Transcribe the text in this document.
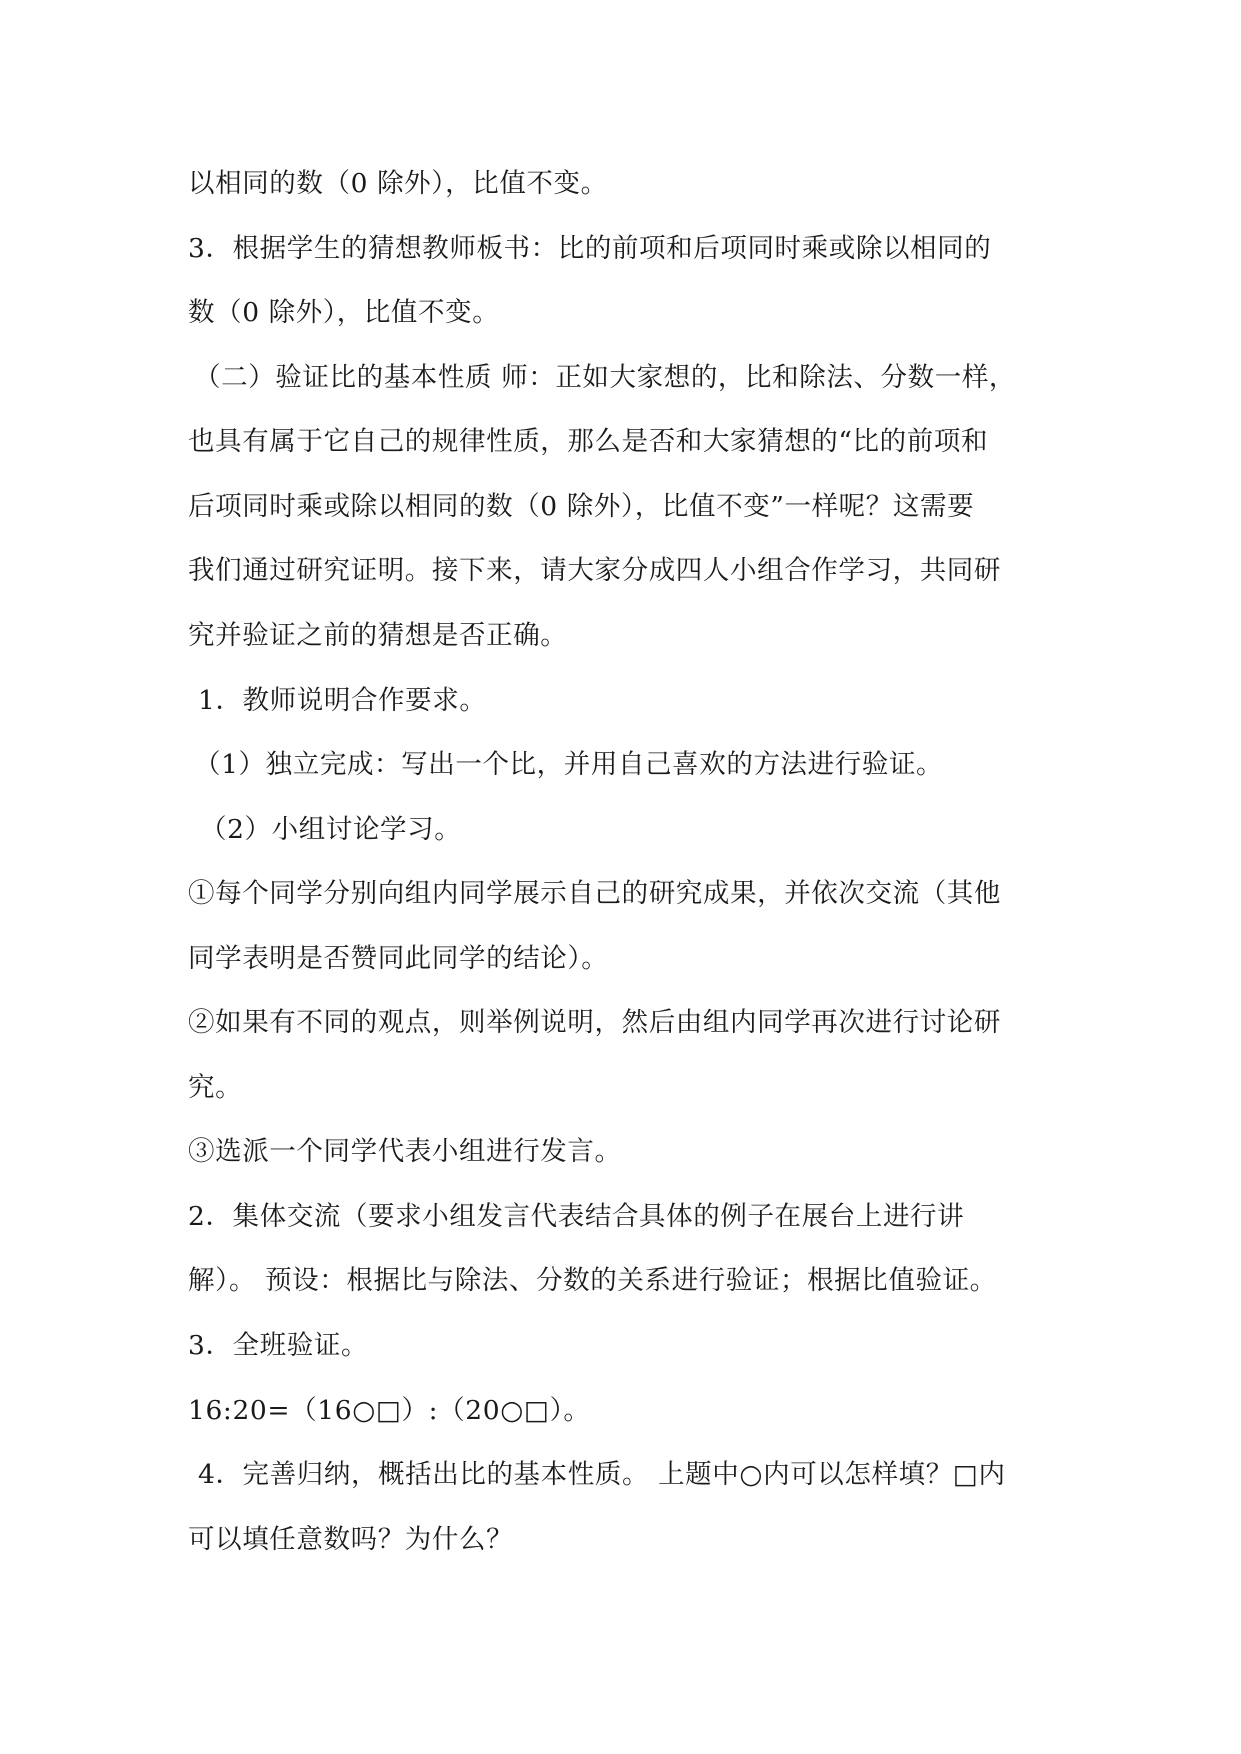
以相同的数（0 除外），比值不变。
3．根据学生的猜想教师板书：比的前项和后项同时乘或除以相同的
数（0 除外），比值不变。
（二）验证比的基本性质 师：正如大家想的，比和除法、分数一样，
也具有属于它自己的规律性质，那么是否和大家猜想的“比的前项和
后项同时乘或除以相同的数（0 除外），比值不变”一样呢？这需要
我们通过研究证明。接下来，请大家分成四人小组合作学习，共同研
究并验证之前的猜想是否正确。
1．教师说明合作要求。
（1）独立完成：写出一个比，并用自己喜欢的方法进行验证。
（2）小组讨论学习。
①每个同学分别向组内同学展示自己的研究成果，并依次交流（其他
同学表明是否赞同此同学的结论）。
②如果有不同的观点，则举例说明，然后由组内同学再次进行讨论研
究。
③选派一个同学代表小组进行发言。
2．集体交流（要求小组发言代表结合具体的例子在展台上进行讲
解）。 预设：根据比与除法、分数的关系进行验证；根据比值验证。
3．全班验证。
16:20=（16○□）:（20○□）。
4．完善归纳，概括出比的基本性质。 上题中○内可以怎样填？□内
可以填任意数吗？为什么？
